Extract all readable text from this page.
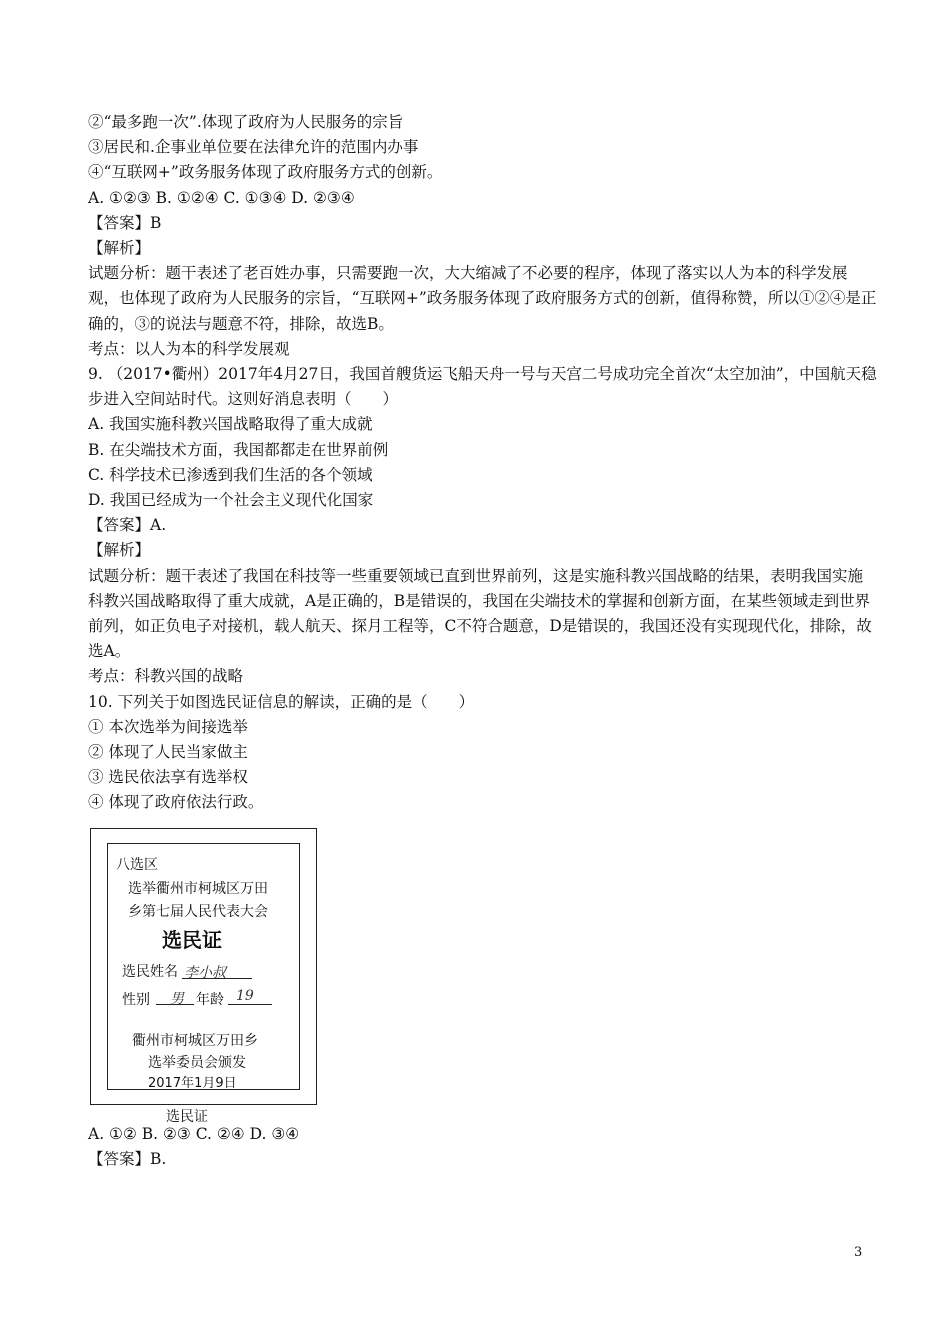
②“最多跑一次”.体现了政府为人民服务的宗旨
③居民和.企事业单位要在法律允许的范围内办事
④“互联网+”政务服务体现了政府服务方式的创新。
A. ①②③ B. ①②④ C. ①③④ D. ②③④
【答案】B
【解析】
试题分析：题干表述了老百姓办事，只需要跑一次，大大缩减了不必要的程序，体现了落实以人为本的科学发展观，也体现了政府为人民服务的宗旨，“互联网+”政务服务体现了政府服务方式的创新，值得称赞，所以①②④是正确的，③的说法与题意不符，排除，故选B。
考点：以人为本的科学发展观
9. （2017•衢州）2017年4月27日，我国首艘货运飞船天舟一号与天宫二号成功完全首次“太空加油”，中国航天稳步进入空间站时代。这则好消息表明（　　）
A. 我国实施科教兴国战略取得了重大成就
B. 在尖端技术方面，我国都都走在世界前例
C. 科学技术已渗透到我们生活的各个领域
D. 我国已经成为一个社会主义现代化国家
【答案】A.
【解析】
试题分析：题干表述了我国在科技等一些重要领域已直到世界前列，这是实施科教兴国战略的结果，表明我国实施科教兴国战略取得了重大成就，A是正确的，B是错误的，我国在尖端技术的掌握和创新方面，在某些领域走到世界前列，如正负电子对接机，载人航天、探月工程等，C不符合题意，D是错误的，我国还没有实现现代化，排除，故选A。
考点：科教兴国的战略
10. 下列关于如图选民证信息的解读，正确的是（　　）
① 本次选举为间接选举
② 体现了人民当家做主
③ 选民依法享有选举权
④ 体现了政府依法行政。
八选区
选举衢州市柯城区万田
乡第七届人民代表大会
选民证
选民姓名 李小叔
性别 男 年龄 19
衢州市柯城区万田乡
选举委员会颁发
2017年1月9日
选民证
A. ①② B. ②③ C. ②④ D. ③④
【答案】B.
3
